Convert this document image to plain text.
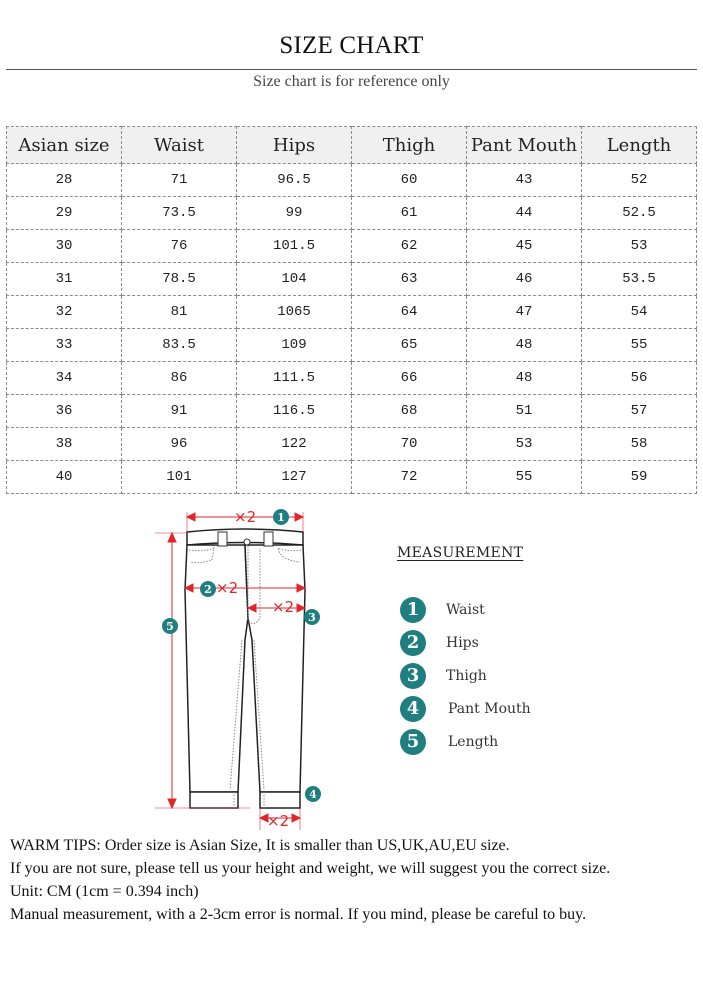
SIZE CHART
Size chart is for reference only
Asian size	Waist	Hips	Thigh	Pant Mouth	Length
28	71	96.5	60	43	52
29	73.5	99	61	44	52.5
30	76	101.5	62	45	53
31	78.5	104	63	46	53.5
32	81	1065	64	47	54
33	83.5	109	65	48	55
34	86	111.5	66	48	56
36	91	116.5	68	51	57
38	96	122	70	53	58
40	101	127	72	55	59
×2
×2
×2
×2
1
2
3
4
5
MEASUREMENT
1	Waist
2	Hips
3	Thigh
4	Pant Mouth
5	Length

WARM TIPS: Order size is Asian Size, It is smaller than US,UK,AU,EU size.

If you are not sure, please tell us your height and weight, we will suggest you the correct size.

Unit: CM (1cm = 0.394 inch)

Manual measurement, with a 2-3cm error is normal. If you mind, please be careful to buy.
